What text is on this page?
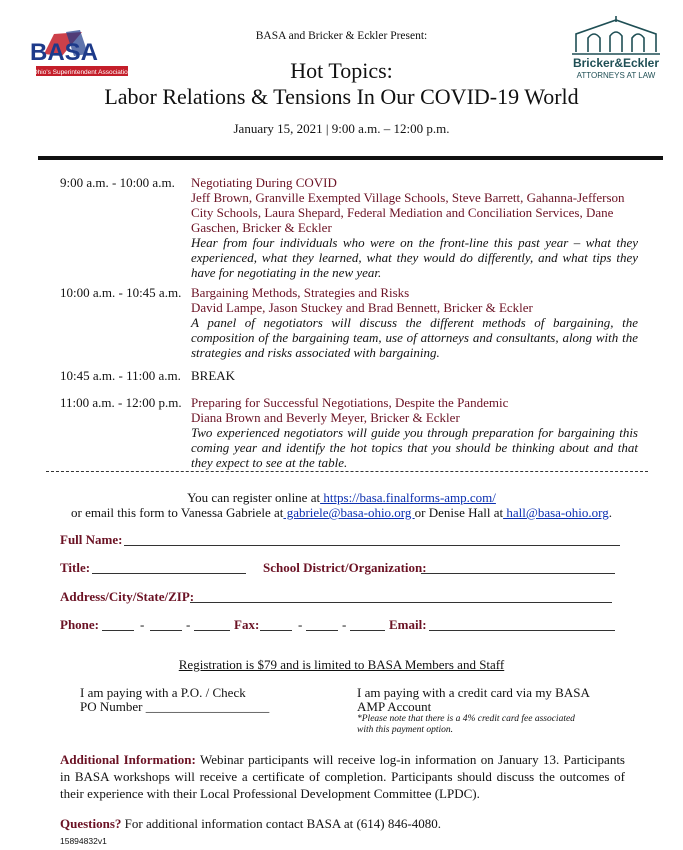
BASA
Ohio's Superintendent Association
Bricker&Eckler
ATTORNEYS AT LAW
BASA and Bricker & Eckler Present:
Hot Topics:
Labor Relations & Tensions In Our COVID-19 World
January 15, 2021 | 9:00 a.m. – 12:00 p.m.
9:00 a.m. - 10:00 a.m. Negotiating During COVID
Jeff Brown, Granville Exempted Village Schools, Steve Barrett, Gahanna-Jefferson City Schools, Laura Shepard, Federal Mediation and Conciliation Services, Dane Gaschen, Bricker & Eckler
Hear from four individuals who were on the front-line this past year – what they experienced, what they learned, what they would do differently, and what tips they have for negotiating in the new year.
10:00 a.m. - 10:45 a.m. Bargaining Methods, Strategies and Risks
David Lampe, Jason Stuckey and Brad Bennett, Bricker & Eckler
A panel of negotiators will discuss the different methods of bargaining, the composition of the bargaining team, use of attorneys and consultants, along with the strategies and risks associated with bargaining.
10:45 a.m. - 11:00 a.m. BREAK
11:00 a.m. - 12:00 p.m. Preparing for Successful Negotiations, Despite the Pandemic
Diana Brown and Beverly Meyer, Bricker & Eckler
Two experienced negotiators will guide you through preparation for bargaining this coming year and identify the hot topics that you should be thinking about and that they expect to see at the table.
You can register online at https://basa.finalforms-amp.com/
or email this form to Vanessa Gabriele at gabriele@basa-ohio.org or Denise Hall at hall@basa-ohio.org.
Full Name:
Title:	School District/Organization:
Address/City/State/ZIP:
Phone:	-	-	Fax:	-	-	Email:
Registration is $79 and is limited to BASA Members and Staff
I am paying with a P.O. / Check
PO Number ___________________
I am paying with a credit card via my BASA
AMP Account
*Please note that there is a 4% credit card fee associated
with this payment option.
Additional Information: Webinar participants will receive log-in information on January 13. Participants in BASA workshops will receive a certificate of completion. Participants should discuss the outcomes of their experience with their Local Professional Development Committee (LPDC).
Questions? For additional information contact BASA at (614) 846-4080.
15894832v1
